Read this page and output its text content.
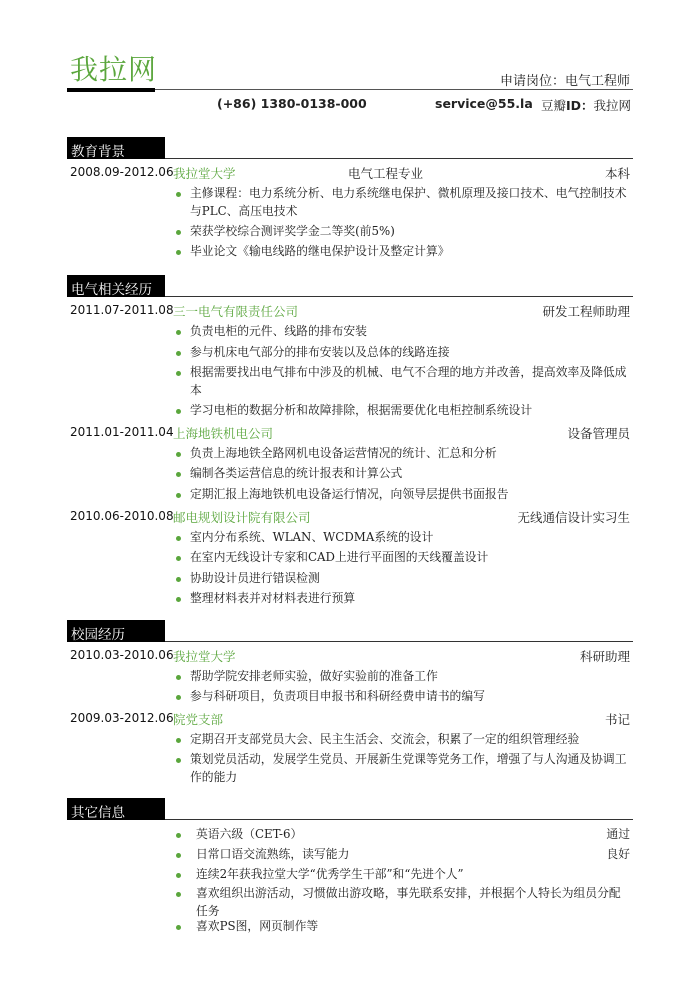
我拉网	申请岗位：电气工程师
(+86) 1380-0138-000	service@55.la 豆瓣ID：我拉网
教育背景
2008.09-2012.06 我拉堂大学	电气工程专业	本科
主修课程：电力系统分析、电力系统继电保护、微机原理及接口技术、电气控制技术与PLC、高压电技术
荣获学校综合测评奖学金二等奖(前5%)
毕业论文《输电线路的继电保护设计及整定计算》
电气相关经历
2011.07-2011.08 三一电气有限责任公司	研发工程师助理
负责电柜的元件、线路的排布安装
参与机床电气部分的排布安装以及总体的线路连接
根据需要找出电气排布中涉及的机械、电气不合理的地方并改善，提高效率及降低成本
学习电柜的数据分析和故障排除，根据需要优化电柜控制系统设计
2011.01-2011.04 上海地铁机电公司	设备管理员
负责上海地铁全路网机电设备运营情况的统计、汇总和分析
编制各类运营信息的统计报表和计算公式
定期汇报上海地铁机电设备运行情况，向领导层提供书面报告
2010.06-2010.08 邮电规划设计院有限公司	无线通信设计实习生
室内分布系统、WLAN、WCDMA系统的设计
在室内无线设计专家和CAD上进行平面图的天线覆盖设计
协助设计员进行错误检测
整理材料表并对材料表进行预算
校园经历
2010.03-2010.06 我拉堂大学	科研助理
帮助学院安排老师实验，做好实验前的准备工作
参与科研项目，负责项目申报书和科研经费申请书的编写
2009.03-2012.06 院党支部	书记
定期召开支部党员大会、民主生活会、交流会，积累了一定的组织管理经验
策划党员活动，发展学生党员、开展新生党课等党务工作，增强了与人沟通及协调工作的能力
其它信息
英语六级（CET-6）	通过
日常口语交流熟练，读写能力	良好
连续2年获我拉堂大学“优秀学生干部”和“先进个人”
喜欢组织出游活动，习惯做出游攻略，事先联系安排，并根据个人特长为组员分配任务
喜欢PS图，网页制作等
